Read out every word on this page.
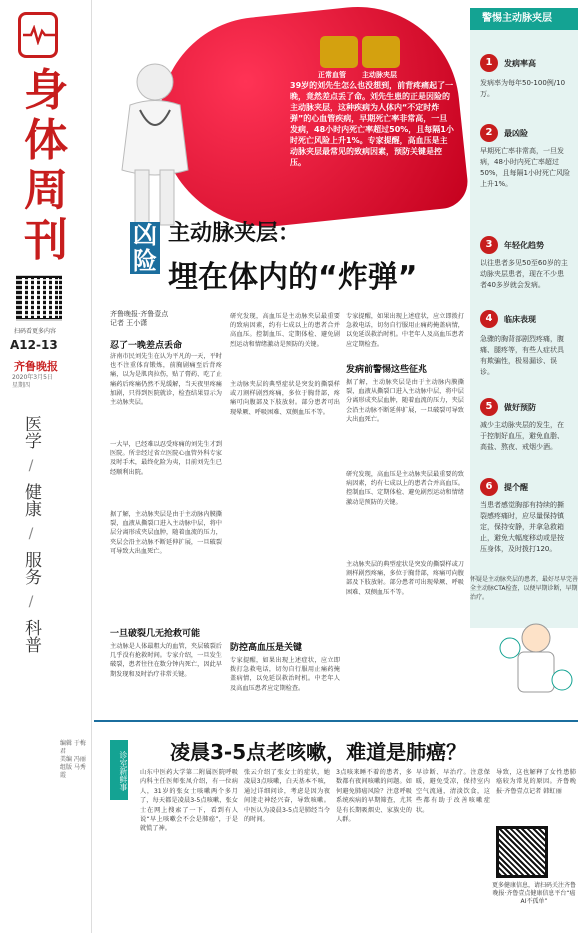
身体周刊
扫码看更多内容
A12-13
齐鲁晚报
2020年3月5日
星期四
医学
/
健康
/
服务
/
科普
编辑 于梅君
美编 冯丽
组版 马秀霞
正常血管 主动脉夹层
39岁的刘先生怎么也没想到，前背疼痛起了一晚，竟然差点丢了命。刘先生患的正是因险的主动脉夹层，这种疾病为人体内“不定时炸弹”的心血管疾病，早期死亡率非常高，一旦发病，48小时内死亡率超过50%，且每隔1小时死亡风险上升1%。专家提醒，高血压是主动脉夹层最常见的致病因素，预防关键是控压。
凶
险
主动脉夹层：
埋在体内的“炸弹”
齐鲁晚报·齐鲁壹点
记者 王小潇
忍了一晚差点丢命
济南市民刘先生在认为平凡的一天，平时也不注重体育锻炼，前胸剧痛至后背疼痛，以为是肌肉拉伤，贴了膏药、吃了止痛药后疼痛仍然不见缓解，当天夜里疼痛加剧，只得到医院就诊，检查结果显示为主动脉夹层。
一大早，已经难以忍受疼痛的刘先生才到医院。所幸经过省立医院心血管外科专家及时手术，最终化险为夷，目前刘先生已经顺利出院。
据了解，主动脉夹层是由于主动脉内膜撕裂，血液从撕裂口进入主动脉中层，将中层分离形成夹层血肿，随着血流的压力，夹层会沿主动脉不断延伸扩展，一旦破裂可导致大出血死亡。
一旦破裂几无抢救可能
主动脉是人体最粗大的血管，夹层破裂后几乎没有抢救时间。专家介绍，一旦发生破裂，患者往往在数分钟内死亡，因此早期发现和及时治疗非常关键。
研究发现，高血压是主动脉夹层最重要的致病因素，约有七成以上的患者合并高血压。控制血压、定期体检、避免剧烈运动和情绪激动是预防的关键。
主动脉夹层的典型症状是突发的撕裂样或刀割样剧烈疼痛，多位于胸背部，疼痛可向腹部及下肢放射。部分患者可出现晕厥、呼吸困难、双侧血压不等。
防控高血压是关键
专家提醒，如果出现上述症状，应立即拨打急救电话，切勿自行服用止痛药掩盖病情，以免延误救治时机。中老年人及高血压患者应定期检查。
专家提醒，如果出现上述症状，应立即拨打急救电话，切勿自行服用止痛药掩盖病情，以免延误救治时机。中老年人及高血压患者应定期检查。
发病前警惕这些征兆
据了解，主动脉夹层是由于主动脉内膜撕裂，血液从撕裂口进入主动脉中层，将中层分离形成夹层血肿，随着血流的压力，夹层会沿主动脉不断延伸扩展，一旦破裂可导致大出血死亡。
研究发现，高血压是主动脉夹层最重要的致病因素，约有七成以上的患者合并高血压。控制血压、定期体检、避免剧烈运动和情绪激动是预防的关键。
主动脉夹层的典型症状是突发的撕裂样或刀割样剧烈疼痛，多位于胸背部，疼痛可向腹部及下肢放射。部分患者可出现晕厥、呼吸困难、双侧血压不等。
警惕主动脉夹层
1	发病率高
发病率为每年50-100例/10万。
2	最凶险
早期死亡率非常高，一旦发病，48小时内死亡率超过50%，且每隔1小时死亡风险上升1%。
3	年轻化趋势
以往患者多见50至60岁的主动脉夹层患者，现在不少患者40多岁就会发病。
4	临床表现
急骤的胸背部剧烈疼痛，腹痛、腿疼等，有些人症状具有欺骗性，极易漏诊、误诊。
5	做好预防
减少主动脉夹层的发生，在于控制好血压，避免血脂、高盐、熬夜、戒烟少酒。
6	提个醒
当患者感觉胸部有持续的撕裂感疼痛时，应尽量保持镇定，保持安静，并拿急救箱止，避免大幅度移动或是按压身体，及时拨打120。
怀疑是主动脉夹层的患者，最好尽早完善全主动脉CTA检查，以便早期诊断，早期治疗。
诊室新鲜事 凌晨3-5点老咳嗽，难道是肺癌？
山东中医药大学第二附属医院呼吸内科主任医师张凤介绍，有一位病人，31岁的张女士咳嗽两个多月了，每天都是凌晨3-5点咳嗽，张女士在网上搜索了一下，看到有人说“早上咳嗽会不会是肺癌”，于是就慌了神。
张云介绍了张女士的症状，她凌晨3点咳嗽，白天基本不咳，通过详细问诊，考虑是因为夜间迷走神经兴奋，导致咳嗽。中医认为凌晨3-5点是肺经当令的时间。
3点咳来睡不着的患者，多数都有夜间咳嗽的问题。如何避免肺癌风险？注意呼吸系统疾病的早期筛查，尤其是有长期吸烟史、家族史的人群。
早诊断、早治疗。注意保暖，避免受凉，保持室内空气流通，清淡饮食，这些都有助于改善咳嗽症状。
导致，这也解释了女性患肺癌较为常见的原因。齐鲁晚报·齐鲁壹点记者 韩虹丽
更多健康信息，请扫码关注齐鲁晚报·齐鲁壹点健康信息平台“癌AI不孤单”
